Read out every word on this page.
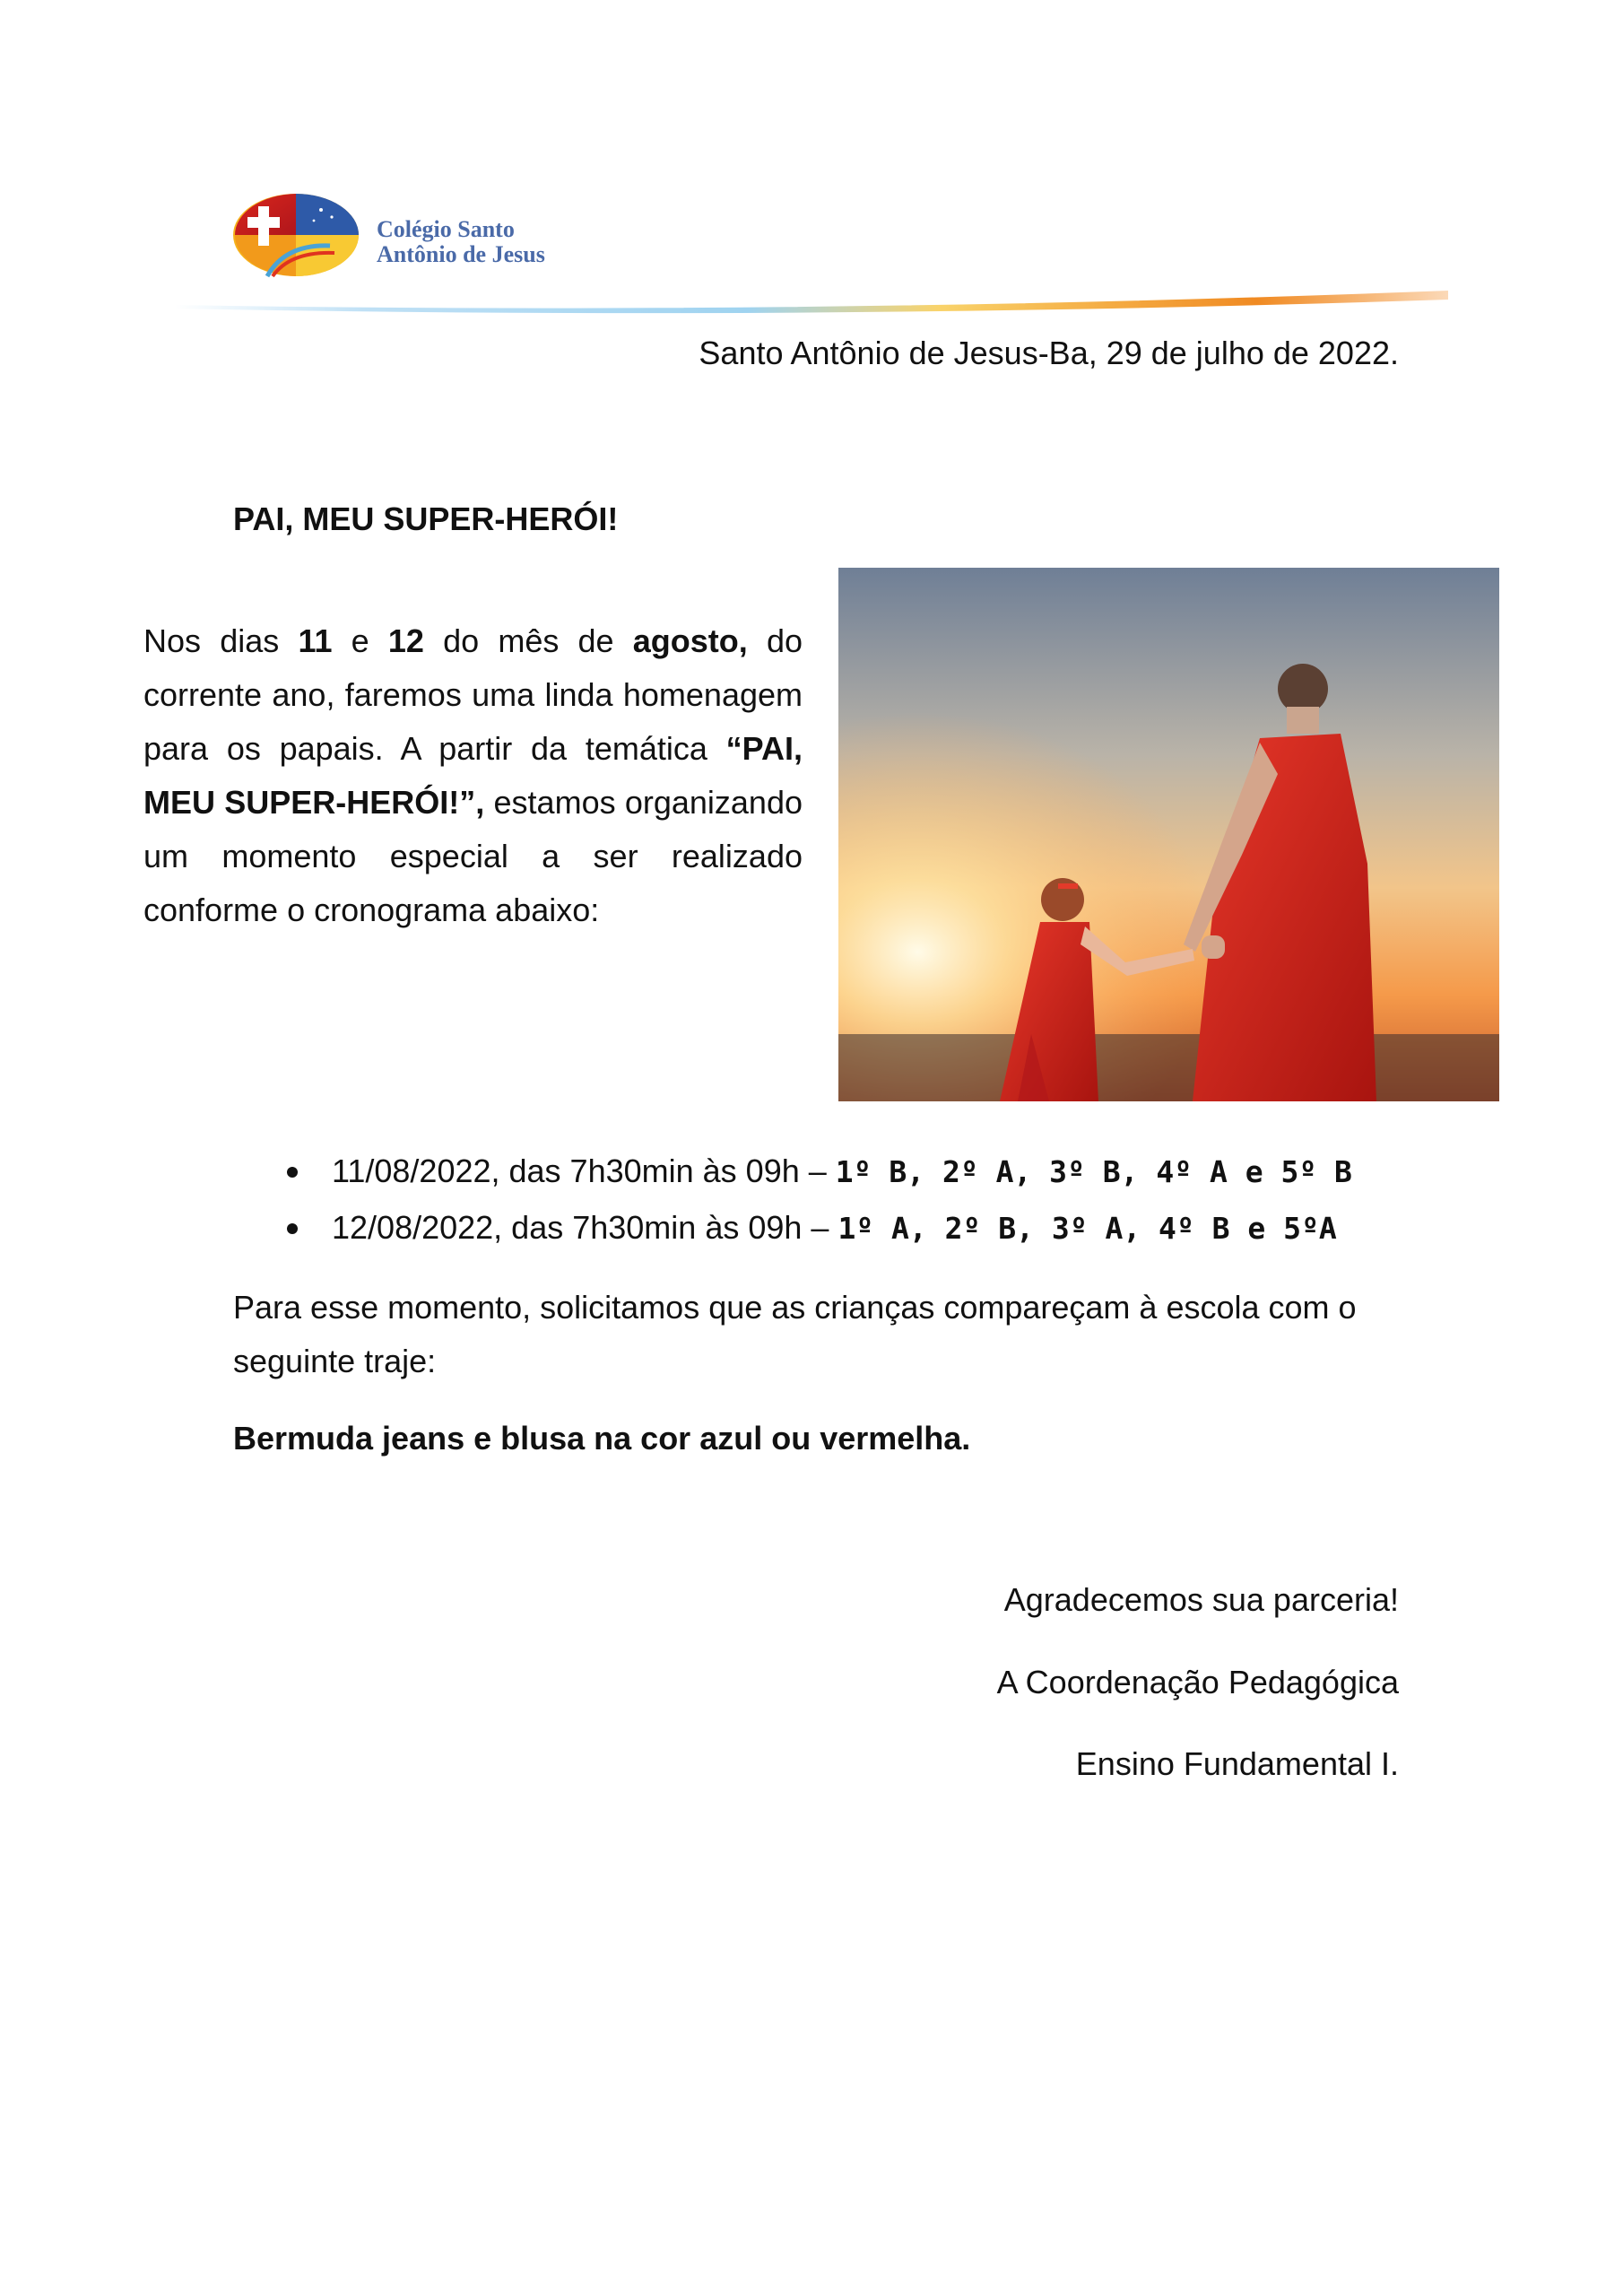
Colégio Santo
Antônio de Jesus
Santo Antônio de Jesus-Ba, 29 de julho de 2022.
PAI, MEU SUPER-HERÓI!
Nos dias 11 e 12 do mês de agosto, do corrente ano, faremos uma linda homenagem para os papais. A partir da temática “PAI, MEU SUPER-HERÓI!”, estamos organizando um momento especial a ser realizado conforme o cronograma abaixo:
11/08/2022, das 7h30min às 09h – 1º B, 2º A, 3º B, 4º A e 5º B
12/08/2022, das 7h30min às 09h – 1º A, 2º B, 3º A, 4º B e 5ºA
Para esse momento, solicitamos que as crianças compareçam à escola com o seguinte traje:
Bermuda jeans e blusa na cor azul ou vermelha.
Agradecemos sua parceria!
A Coordenação Pedagógica
Ensino Fundamental I.
